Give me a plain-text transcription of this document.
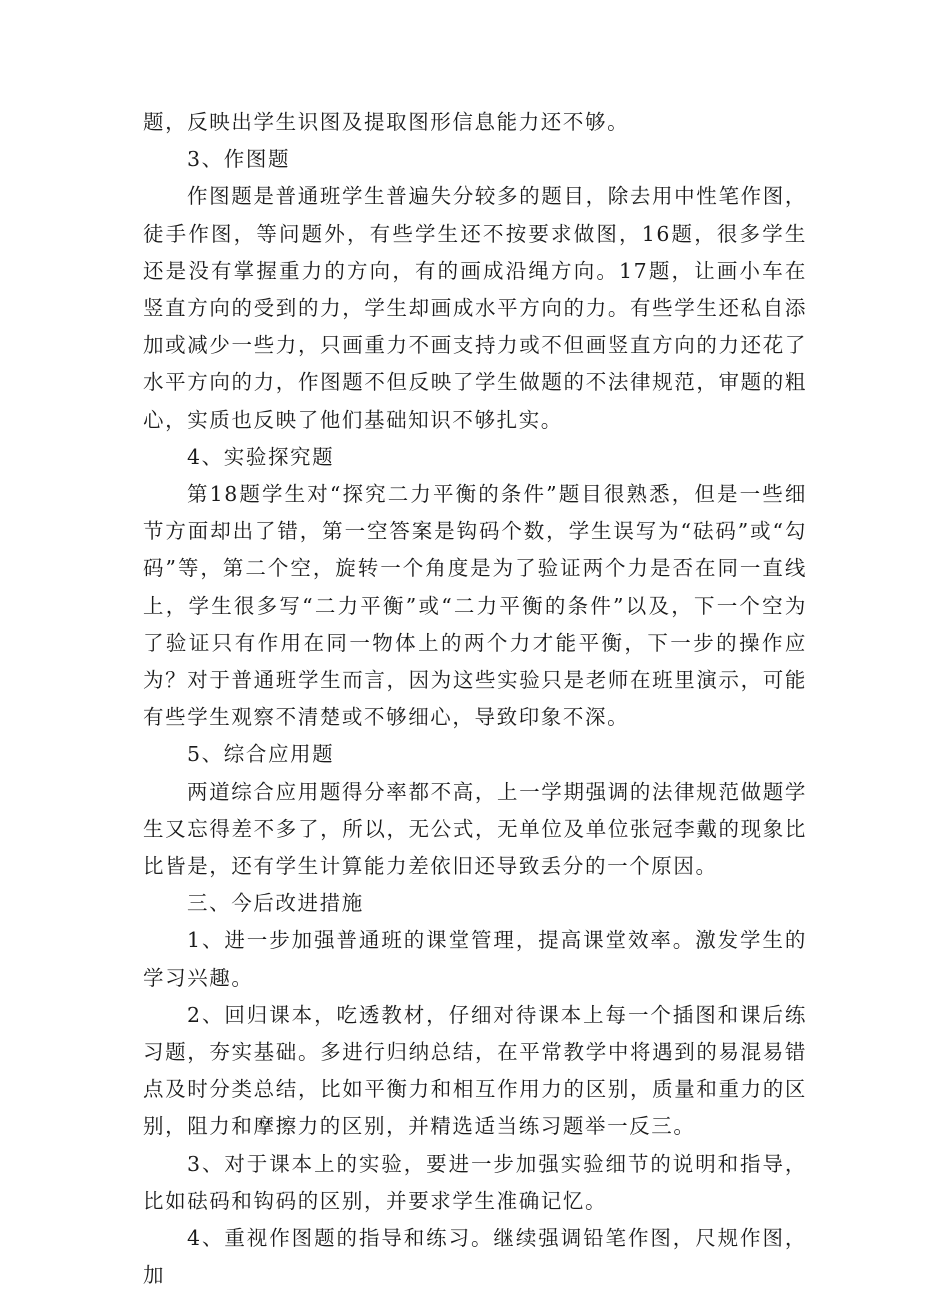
题，反映出学生识图及提取图形信息能力还不够。

3、作图题

作图题是普通班学生普遍失分较多的题目，除去用中性笔作图，徒手作图，等问题外，有些学生还不按要求做图，16题，很多学生还是没有掌握重力的方向，有的画成沿绳方向。17题，让画小车在竖直方向的受到的力，学生却画成水平方向的力。有些学生还私自添加或减少一些力，只画重力不画支持力或不但画竖直方向的力还花了水平方向的力，作图题不但反映了学生做题的不法律规范，审题的粗心，实质也反映了他们基础知识不够扎实。

4、实验探究题

第18题学生对“探究二力平衡的条件”题目很熟悉，但是一些细节方面却出了错，第一空答案是钩码个数，学生误写为“砝码”或“勾码”等，第二个空，旋转一个角度是为了验证两个力是否在同一直线上，学生很多写“二力平衡”或“二力平衡的条件”以及，下一个空为了验证只有作用在同一物体上的两个力才能平衡，下一步的操作应为？对于普通班学生而言，因为这些实验只是老师在班里演示，可能有些学生观察不清楚或不够细心，导致印象不深。

5、综合应用题

两道综合应用题得分率都不高，上一学期强调的法律规范做题学生又忘得差不多了，所以，无公式，无单位及单位张冠李戴的现象比比皆是，还有学生计算能力差依旧还导致丢分的一个原因。

三、今后改进措施

1、进一步加强普通班的课堂管理，提高课堂效率。激发学生的学习兴趣。

2、回归课本，吃透教材，仔细对待课本上每一个插图和课后练习题，夯实基础。多进行归纳总结，在平常教学中将遇到的易混易错点及时分类总结，比如平衡力和相互作用力的区别，质量和重力的区别，阻力和摩擦力的区别，并精选适当练习题举一反三。

3、对于课本上的实验，要进一步加强实验细节的说明和指导，比如砝码和钩码的区别，并要求学生准确记忆。

4、重视作图题的指导和练习。继续强调铅笔作图，尺规作图，加
